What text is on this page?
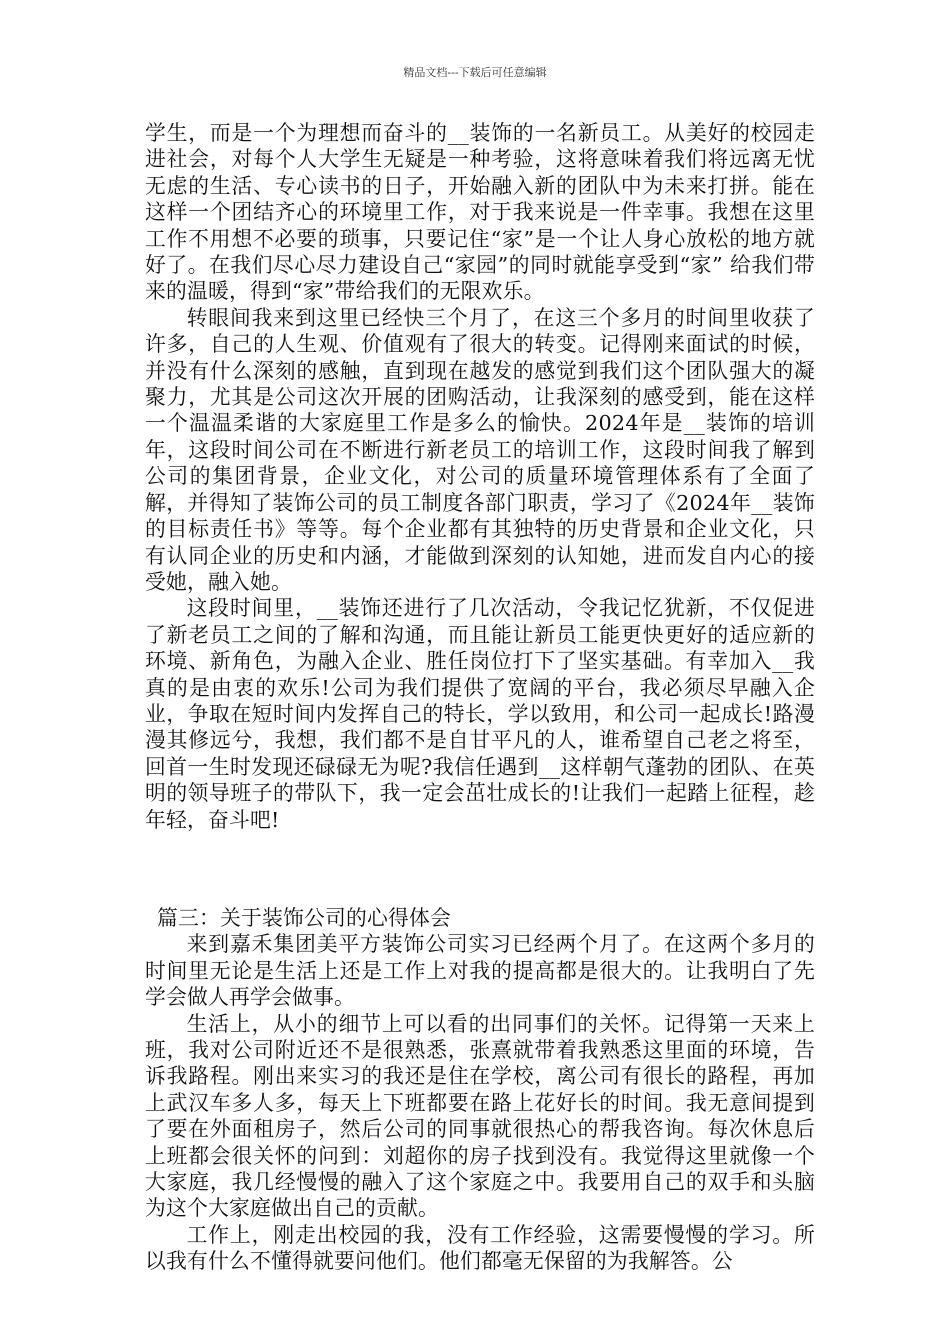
精品文档---下载后可任意编辑

学生，而是一个为理想而奋斗的__装饰的一名新员工。从美好的校园走进社会，对每个人大学生无疑是一种考验，这将意味着我们将远离无忧无虑的生活、专心读书的日子，开始融入新的团队中为未来打拼。能在这样一个团结齐心的环境里工作，对于我来说是一件幸事。我想在这里工作不用想不必要的琐事，只要记住“家”是一个让人身心放松的地方就好了。在我们尽心尽力建设自己“家园”的同时就能享受到“家” 给我们带来的温暖，得到“家”带给我们的无限欢乐。

转眼间我来到这里已经快三个月了，在这三个多月的时间里收获了许多，自己的人生观、价值观有了很大的转变。记得刚来面试的时候，并没有什么深刻的感触，直到现在越发的感觉到我们这个团队强大的凝聚力，尤其是公司这次开展的团购活动，让我深刻的感受到，能在这样一个温温柔谐的大家庭里工作是多么的愉快。2024年是__装饰的培训年，这段时间公司在不断进行新老员工的培训工作，这段时间我了解到公司的集团背景，企业文化，对公司的质量环境管理体系有了全面了解，并得知了装饰公司的员工制度各部门职责，学习了《2024年__装饰的目标责任书》等等。每个企业都有其独特的历史背景和企业文化，只有认同企业的历史和内涵，才能做到深刻的认知她，进而发自内心的接受她，融入她。

这段时间里，__装饰还进行了几次活动，令我记忆犹新，不仅促进了新老员工之间的了解和沟通，而且能让新员工能更快更好的适应新的环境、新角色，为融入企业、胜任岗位打下了坚实基础。有幸加入__我真的是由衷的欢乐!公司为我们提供了宽阔的平台，我必须尽早融入企业，争取在短时间内发挥自己的特长，学以致用，和公司一起成长!路漫漫其修远兮，我想，我们都不是自甘平凡的人，谁希望自己老之将至，回首一生时发现还碌碌无为呢?我信任遇到__这样朝气蓬勃的团队、在英明的领导班子的带队下，我一定会茁壮成长的!让我们一起踏上征程，趁年轻，奋斗吧!

篇三：关于装饰公司的心得体会

来到嘉禾集团美平方装饰公司实习已经两个月了。在这两个多月的时间里无论是生活上还是工作上对我的提高都是很大的。让我明白了先学会做人再学会做事。

生活上，从小的细节上可以看的出同事们的关怀。记得第一天来上班，我对公司附近还不是很熟悉，张熹就带着我熟悉这里面的环境，告诉我路程。刚出来实习的我还是住在学校，离公司有很长的路程，再加上武汉车多人多，每天上下班都要在路上花好长的时间。我无意间提到了要在外面租房子，然后公司的同事就很热心的帮我咨询。每次休息后上班都会很关怀的问到：刘超你的房子找到没有。我觉得这里就像一个大家庭，我几经慢慢的融入了这个家庭之中。我要用自己的双手和头脑为这个大家庭做出自己的贡献。

工作上，刚走出校园的我，没有工作经验，这需要慢慢的学习。所以我有什么不懂得就要问他们。他们都毫无保留的为我解答。公
